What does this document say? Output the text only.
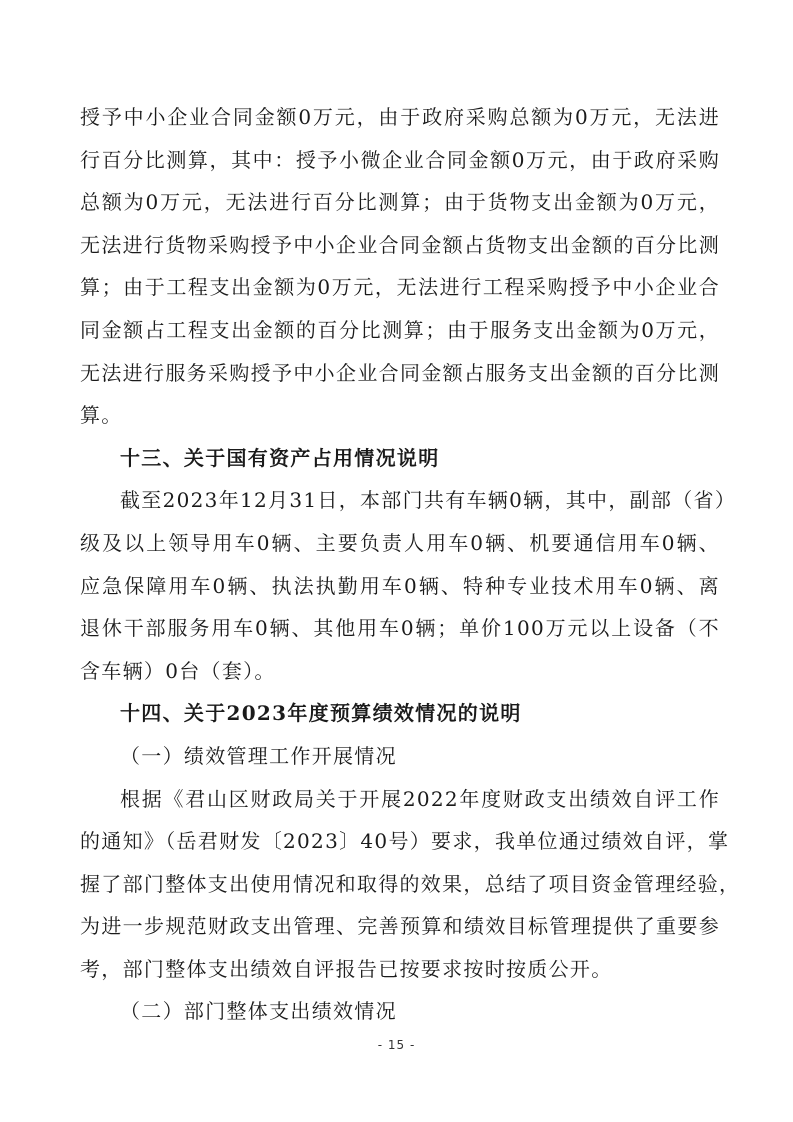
授予中小企业合同金额0万元，由于政府采购总额为0万元，无法进
行百分比测算，其中：授予小微企业合同金额0万元，由于政府采购
总额为0万元，无法进行百分比测算；由于货物支出金额为0万元，
无法进行货物采购授予中小企业合同金额占货物支出金额的百分比测
算；由于工程支出金额为0万元，无法进行工程采购授予中小企业合
同金额占工程支出金额的百分比测算；由于服务支出金额为0万元，
无法进行服务采购授予中小企业合同金额占服务支出金额的百分比测
算。
十三、关于国有资产占用情况说明
截至2023年12月31日，本部门共有车辆0辆，其中，副部（省）
级及以上领导用车0辆、主要负责人用车0辆、机要通信用车0辆、
应急保障用车0辆、执法执勤用车0辆、特种专业技术用车0辆、离
退休干部服务用车0辆、其他用车0辆；单价100万元以上设备（不
含车辆）0台（套）。
十四、关于2023年度预算绩效情况的说明
（一）绩效管理工作开展情况
根据《君山区财政局关于开展2022年度财政支出绩效自评工作
的通知》（岳君财发〔2023〕40号）要求，我单位通过绩效自评，掌
握了部门整体支出使用情况和取得的效果，总结了项目资金管理经验，
为进一步规范财政支出管理、完善预算和绩效目标管理提供了重要参
考，部门整体支出绩效自评报告已按要求按时按质公开。
（二）部门整体支出绩效情况
- 15 -
